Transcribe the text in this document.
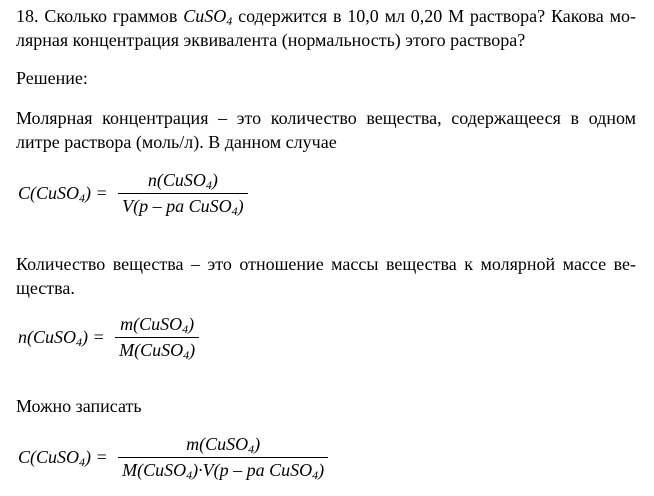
18. Сколько граммов CuSO$_4$ содержится в 10,0 мл 0,20 М раствора? Какова мо-
лярная концентрация эквивалента (нормальность) этого раствора?
Решение:
Молярная концентрация – это количество вещества, содержащееся в одном
литре раствора (моль/л). В данном случае
C(CuSO$_4$) = $\frac{n(CuSO_4)}{V(p - pa CuSO_4)}$
Количество вещества – это отношение массы вещества к молярной массе ве-
щества.
n(CuSO$_4$) = $\frac{m(CuSO_4)}{M(CuSO_4)}$
Можно записать
C(CuSO$_4$) = $\frac{m(CuSO_4)}{M(CuSO_4)\cdot V(p - pa CuSO_4)}$
